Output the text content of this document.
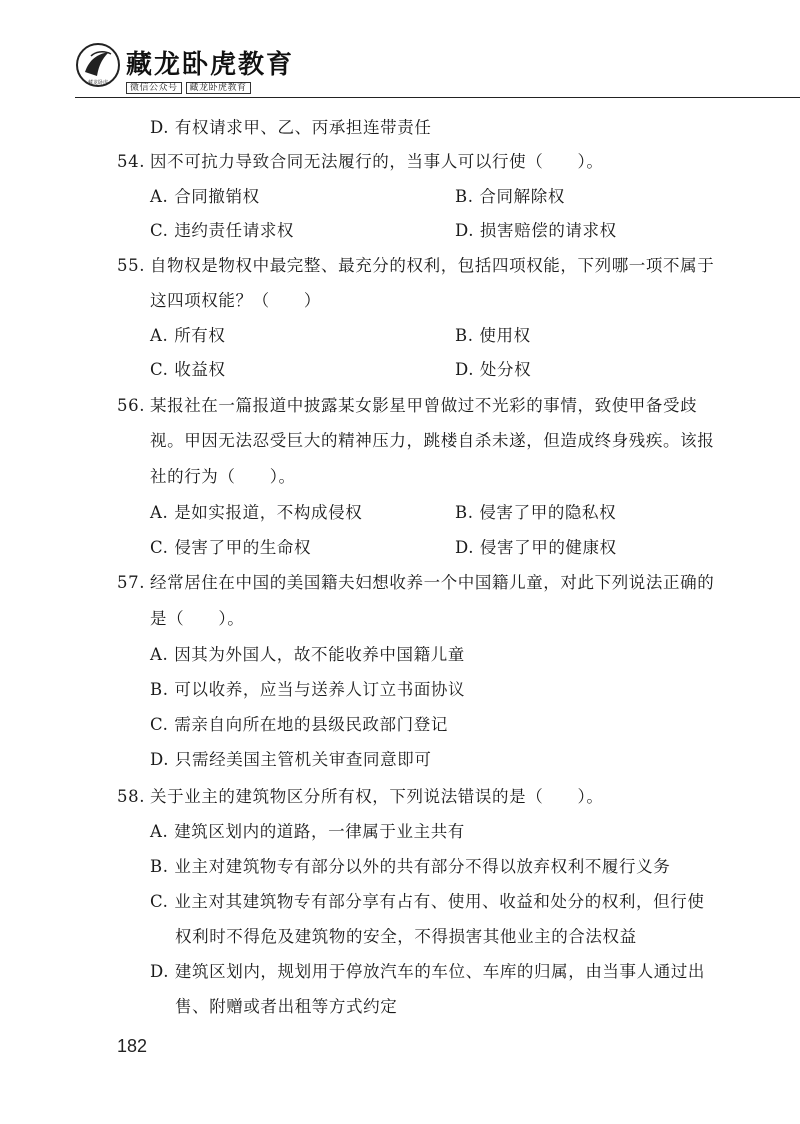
藏龙卧虎
藏龙卧虎教育
微信公众号 藏龙卧虎教育
D. 有权请求甲、乙、丙承担连带责任
54. 因不可抗力导致合同无法履行的，当事人可以行使（　　）。
A. 合同撤销权	B. 合同解除权
C. 违约责任请求权	D. 损害赔偿的请求权
55. 自物权是物权中最完整、最充分的权利，包括四项权能，下列哪一项不属于
这四项权能？（　　）
A. 所有权	B. 使用权
C. 收益权	D. 处分权
56. 某报社在一篇报道中披露某女影星甲曾做过不光彩的事情，致使甲备受歧
视。甲因无法忍受巨大的精神压力，跳楼自杀未遂，但造成终身残疾。该报
社的行为（　　）。
A. 是如实报道，不构成侵权	B. 侵害了甲的隐私权
C. 侵害了甲的生命权	D. 侵害了甲的健康权
57. 经常居住在中国的美国籍夫妇想收养一个中国籍儿童，对此下列说法正确的
是（　　）。
A. 因其为外国人，故不能收养中国籍儿童
B. 可以收养，应当与送养人订立书面协议
C. 需亲自向所在地的县级民政部门登记
D. 只需经美国主管机关审查同意即可
58. 关于业主的建筑物区分所有权，下列说法错误的是（　　）。
A. 建筑区划内的道路，一律属于业主共有
B. 业主对建筑物专有部分以外的共有部分不得以放弃权利不履行义务
C. 业主对其建筑物专有部分享有占有、使用、收益和处分的权利，但行使
权利时不得危及建筑物的安全，不得损害其他业主的合法权益
D. 建筑区划内，规划用于停放汽车的车位、车库的归属，由当事人通过出
售、附赠或者出租等方式约定
182
